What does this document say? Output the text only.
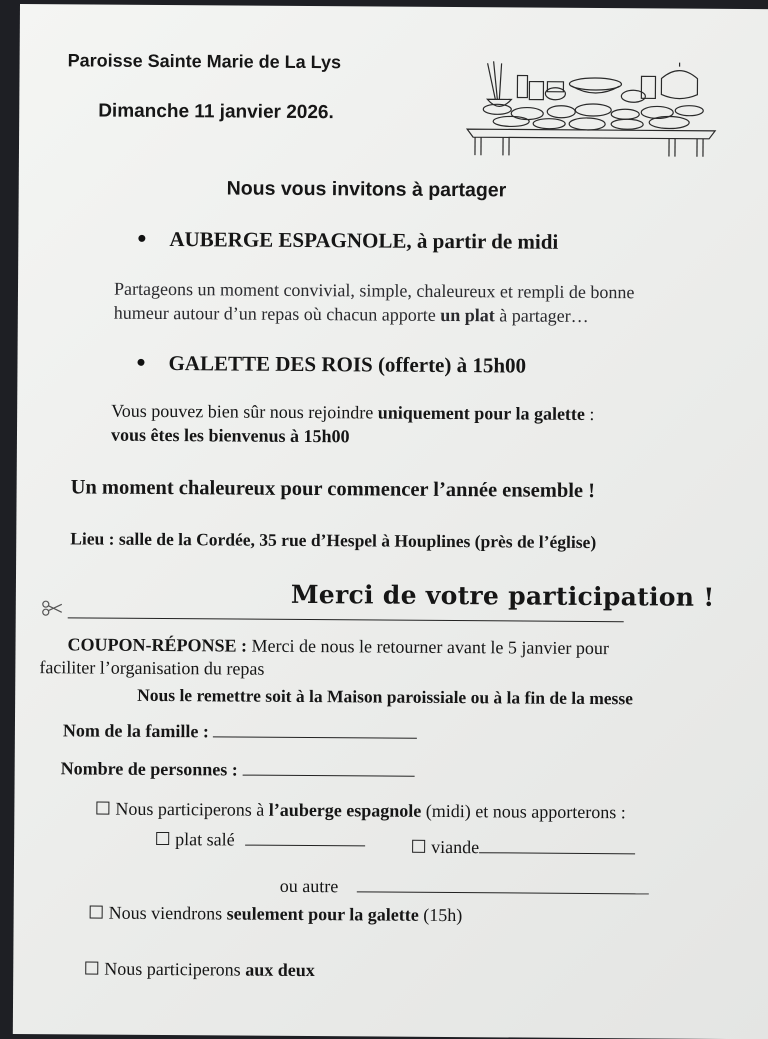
Paroisse Sainte Marie de La Lys
Dimanche 11 janvier 2026.
Nous vous invitons à partager
AUBERGE ESPAGNOLE, à partir de midi
Partageons un moment convivial, simple, chaleureux et rempli de bonne
humeur autour d’un repas où chacun apporte un plat à partager…
GALETTE DES ROIS (offerte) à 15h00
Vous pouvez bien sûr nous rejoindre uniquement pour la galette :
vous êtes les bienvenus à 15h00
Un moment chaleureux pour commencer l’année ensemble !
Lieu : salle de la Cordée, 35 rue d’Hespel à Houplines (près de l’église)
Merci de votre participation !
COUPON-RÉPONSE : Merci de nous le retourner avant le 5 janvier pour
faciliter l’organisation du repas
Nous le remettre soit à la Maison paroissiale ou à la fin de la messe
Nom de la famille :
Nombre de personnes :
Nous participerons à l’auberge espagnole (midi) et nous apporterons :
plat salé	viande
ou autre
Nous viendrons seulement pour la galette (15h)
Nous participerons aux deux
